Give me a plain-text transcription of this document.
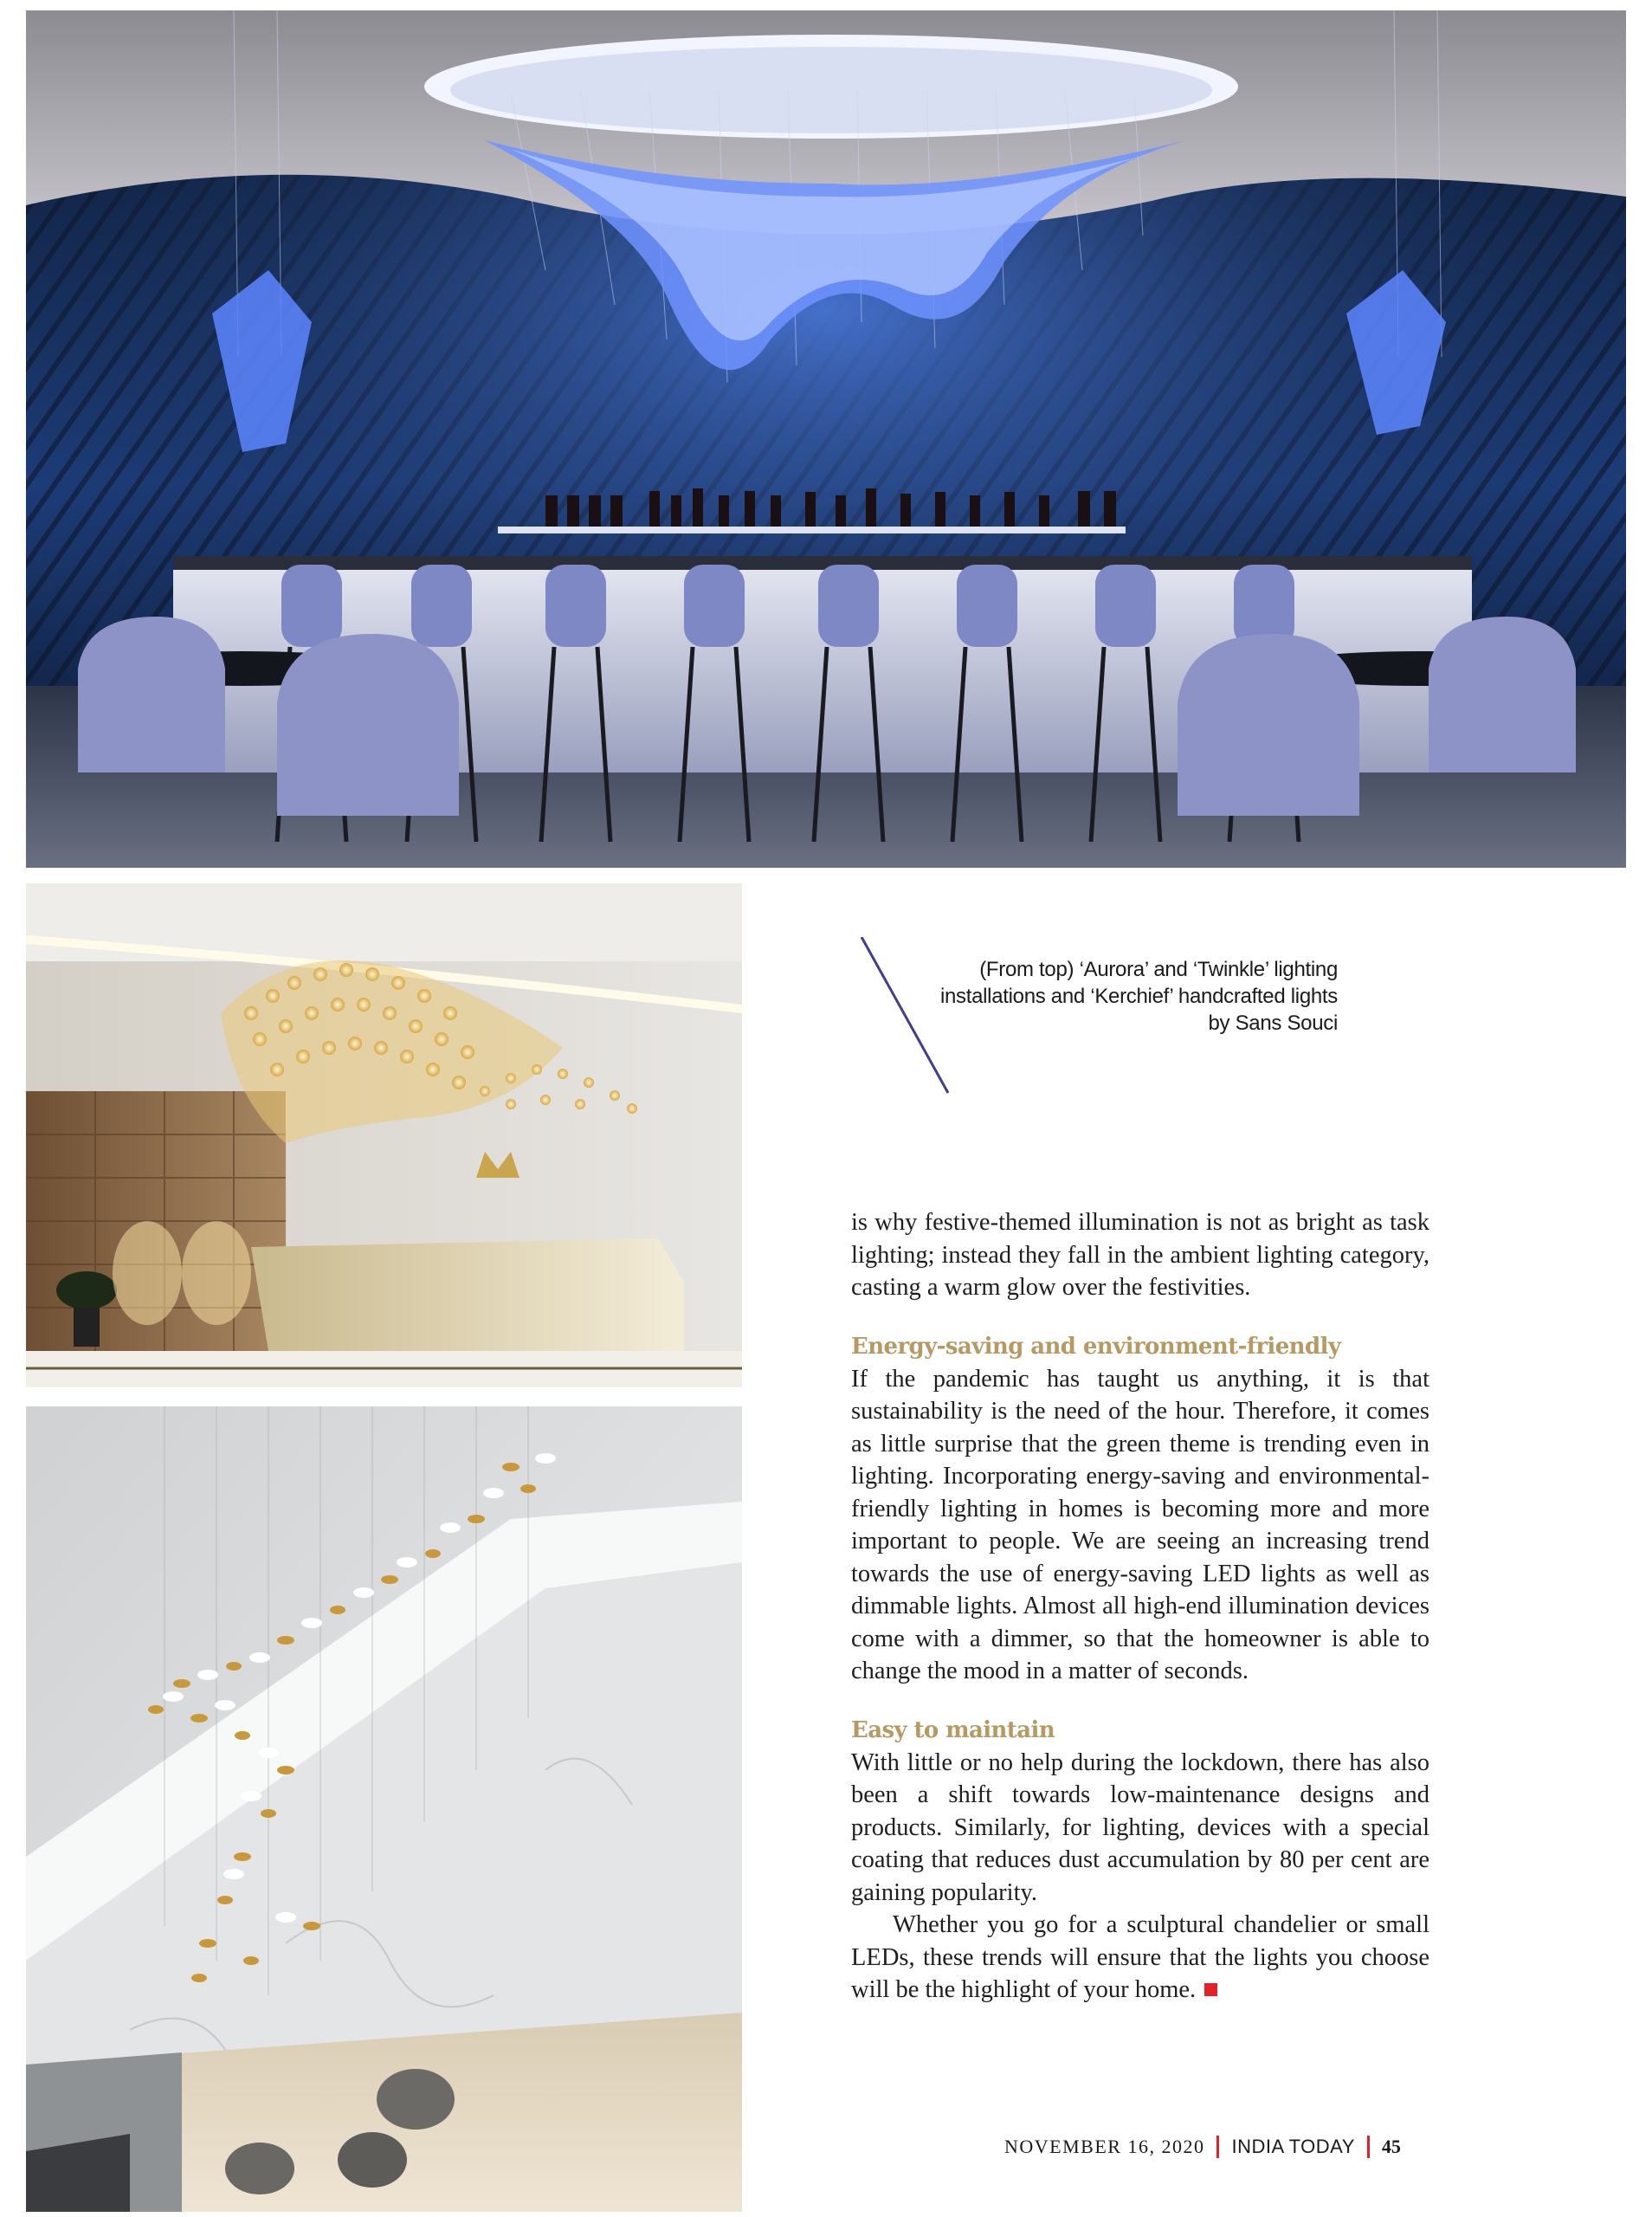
(From top) ‘Aurora’ and ‘Twinkle’ lighting installations and ‘Kerchief’ handcrafted lights by Sans Souci

is why festive-themed illumination is not as bright as task lighting; instead they fall in the ambient lighting category, casting a warm glow over the festivities.

Energy-saving and environment-friendly

If the pandemic has taught us anything, it is that sustainability is the need of the hour. Therefore, it comes as little surprise that the green theme is trending even in lighting. Incorporating energy-saving and environmental-friendly lighting in homes is becoming more and more important to people. We are seeing an increasing trend towards the use of energy-saving LED lights as well as dimmable lights. Almost all high-end illumination devices come with a dimmer, so that the homeowner is able to change the mood in a matter of seconds.

Easy to maintain

With little or no help during the lockdown, there has also been a shift towards low-maintenance designs and products. Similarly, for lighting, devices with a special coating that reduces dust accumulation by 80 per cent are gaining popularity.

Whether you go for a sculptural chandelier or small LEDs, these trends will ensure that the lights you choose will be the highlight of your home.

NOVEMBER 16, 2020 INDIA TODAY 45
